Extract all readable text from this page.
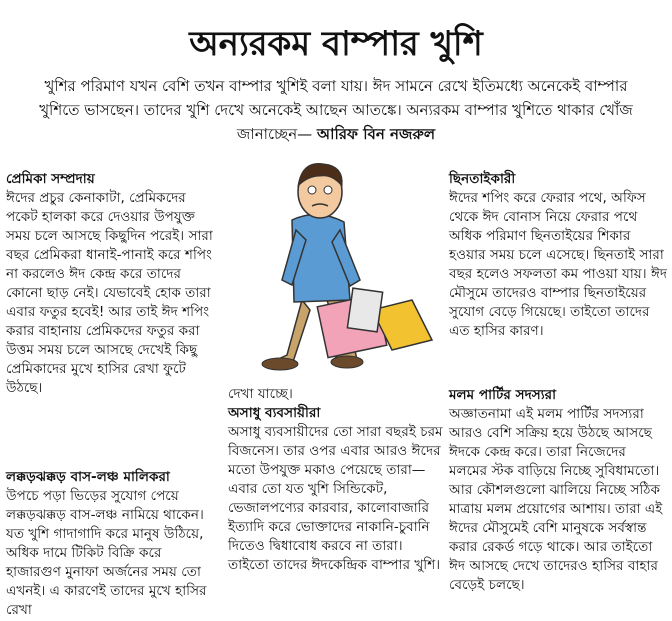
অন্যরকম বাম্পার খুশি
খুশির পরিমাণ যখন বেশি তখন বাম্পার খুশিই বলা যায়। ঈদ সামনে রেখে ইতিমধ্যে অনেকেই বাম্পার খুশিতে ভাসছেন। তাদের খুশি দেখে অনেকেই আছেন আতঙ্কে। অন্যরকম বাম্পার খুশিতে থাকার খোঁজ জানাচ্ছেন— আরিফ বিন নজরুল
প্রেমিকা সম্প্রদায়
ঈদের প্রচুর কেনাকাটা, প্রেমিকদের পকেট হালকা করে দেওয়ার উপযুক্ত সময় চলে আসছে কিছুদিন পরেই। সারা বছর প্রেমিকরা ধানাই-পানাই করে শপিং না করলেও ঈদ কেন্দ্র করে তাদের কোনো ছাড় নেই। যেভাবেই হোক তারা এবার ফতুর হবেই! আর তাই ঈদ শপিং করার বাহানায় প্রেমিকদের ফতুর করা উত্তম সময় চলে আসছে দেখেই কিছু প্রেমিকাদের মুখে হাসির রেখা ফুটে উঠছে।
লক্কড়ঝক্কড় বাস-লঞ্চ মালিকরা
উপচে পড়া ভিড়ের সুযোগ পেয়ে লক্কড়ঝক্কড় বাস-লঞ্চ নামিয়ে থাকেন। যত খুশি গাদাগাদি করে মানুষ উঠিয়ে, অধিক দামে টিকিট বিক্রি করে হাজারগুণ মুনাফা অর্জনের সময় তো এখনই। এ কারণেই তাদের মুখে হাসির রেখা
দেখা যাচ্ছে।
অসাধু ব্যবসায়ীরা
অসাধু ব্যবসায়ীদের তো সারা বছরই চরম বিজনেস। তার ওপর এবার আরও ঈদের মতো উপযুক্ত মকাও পেয়েছে তারা— এবার তো যত খুশি সিন্ডিকেট, ভেজালপণ্যের কারবার, কালোবাজারি ইত্যাদি করে ভোক্তাদের নাকানি-চুবানি দিতেও দ্বিধাবোধ করবে না তারা। তাইতো তাদের ঈদকেন্দ্রিক বাম্পার খুশি।
ছিনতাইকারী
ঈদের শপিং করে ফেরার পথে, অফিস থেকে ঈদ বোনাস নিয়ে ফেরার পথে অধিক পরিমাণ ছিনতাইয়ের শিকার হওয়ার সময় চলে এসেছে। ছিনতাই সারা বছর হলেও সফলতা কম পাওয়া যায়। ঈদ মৌসুমে তাদেরও বাম্পার ছিনতাইয়ের সুযোগ বেড়ে গিয়েছে। তাইতো তাদের এত হাসির কারণ।
মলম পার্টির সদস্যরা
অজ্ঞাতনামা এই মলম পার্টির সদস্যরা আরও বেশি সক্রিয় হয়ে উঠছে আসছে ঈদকে কেন্দ্র করে। তারা নিজেদের মলমের স্টক বাড়িয়ে নিচ্ছে সুবিধামতো। আর কৌশলগুলো ঝালিয়ে নিচ্ছে সঠিক মাত্রায় মলম প্রয়োগের আশায়। তারা এই ঈদের মৌসুমেই বেশি মানুষকে সর্বস্বান্ত করার রেকর্ড গড়ে থাকে। আর তাইতো ঈদ আসছে দেখে তাদেরও হাসির বাহার বেড়েই চলছে।
